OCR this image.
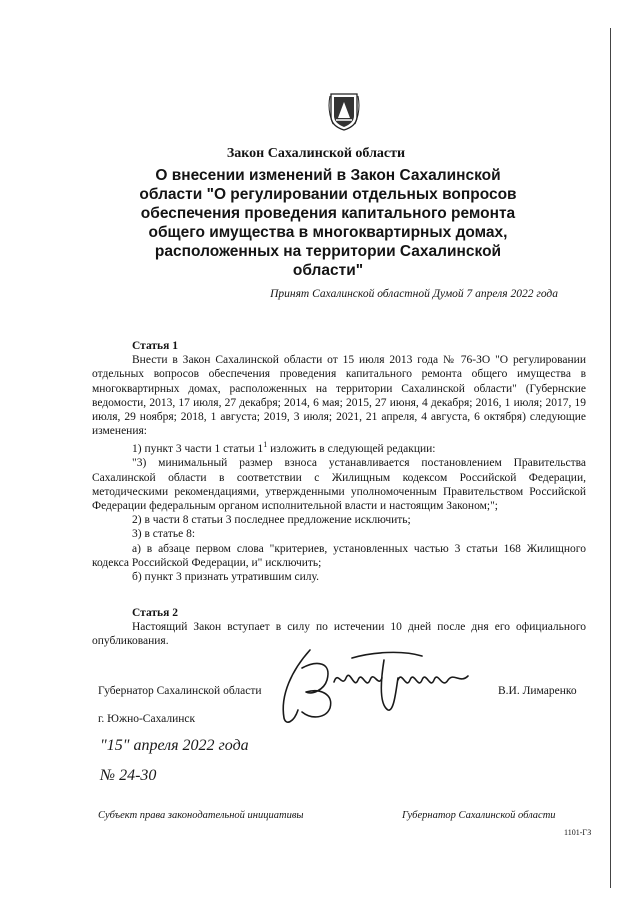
Закон Сахалинской области
О внесении изменений в Закон Сахалинской области "О регулировании отдельных вопросов обеспечения проведения капитального ремонта общего имущества в многоквартирных домах, расположенных на территории Сахалинской области"
Принят Сахалинской областной Думой 7 апреля 2022 года

Статья 1

Внести в Закон Сахалинской области от 15 июля 2013 года № 76-ЗО "О регулировании отдельных вопросов обеспечения проведения капитального ремонта общего имущества в многоквартирных домах, расположенных на территории Сахалинской области" (Губернские ведомости, 2013, 17 июля, 27 декабря; 2014, 6 мая; 2015, 27 июня, 4 декабря; 2016, 1 июля; 2017, 19 июля, 29 ноября; 2018, 1 августа; 2019, 3 июля; 2021, 21 апреля, 4 августа, 6 октября) следующие изменения:

1) пункт 3 части 1 статьи $1^1$ изложить в следующей редакции:

"3) минимальный размер взноса устанавливается постановлением Правительства Сахалинской области в соответствии с Жилищным кодексом Российской Федерации, методическими рекомендациями, утвержденными уполномоченным Правительством Российской Федерации федеральным органом исполнительной власти и настоящим Законом;";

2) в части 8 статьи 3 последнее предложение исключить;

3) в статье 8:

а) в абзаце первом слова "критериев, установленных частью 3 статьи 168 Жилищного кодекса Российской Федерации, и" исключить;

б) пункт 3 признать утратившим силу.

Статья 2

Настоящий Закон вступает в силу по истечении 10 дней после дня его официального опубликования.

Губернатор Сахалинской области	В.И. Лимаренко
г. Южно-Сахалинск
"15" апреля 2022 года
№ 24-30
Субъект права законодательной инициативы	Губернатор Сахалинской области
1101-ГЗ
